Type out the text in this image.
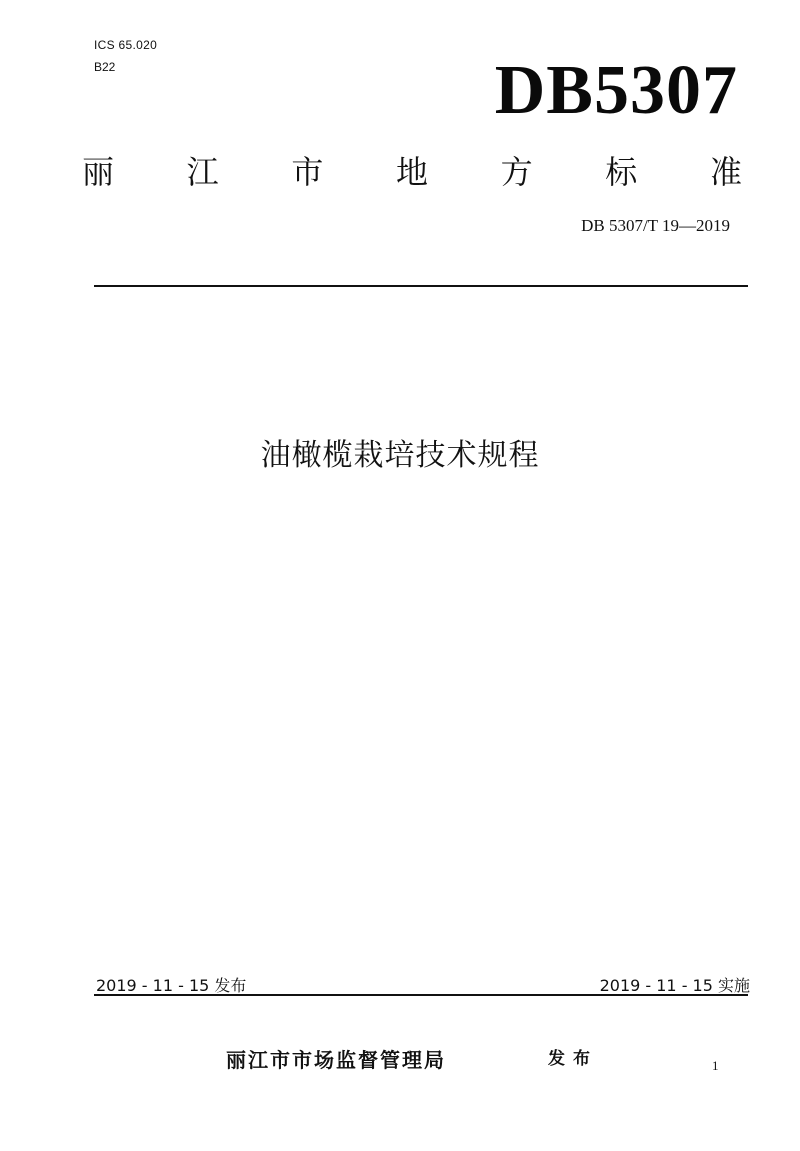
ICS 65.020
B22	DB5307
丽 江 市 地 方 标 准
DB 5307/T 19—2019
油橄榄栽培技术规程
2019 - 11 - 15 发布	2019 - 11 - 15 实施
丽江市市场监督管理局	发布	1
